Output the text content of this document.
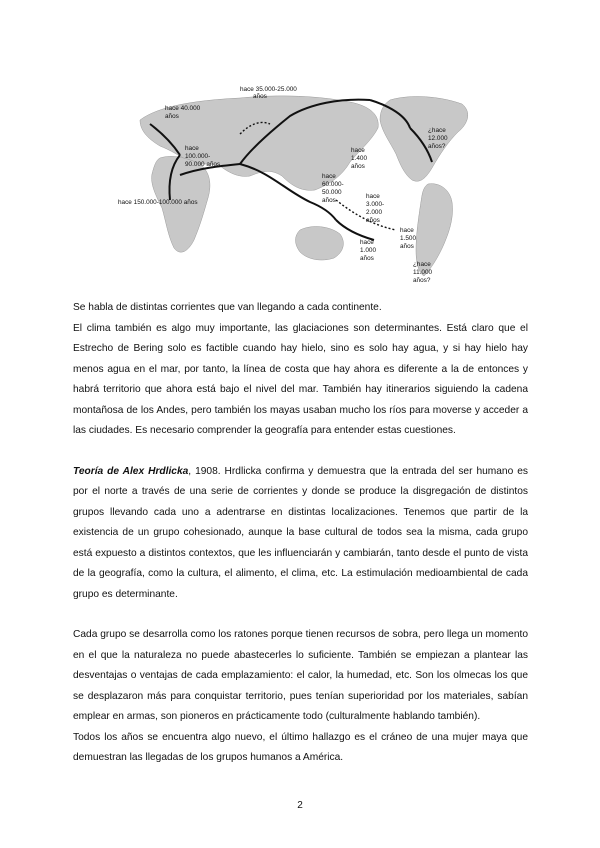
hace 40.000
años
hace 35.000-25.000
años
hace
100.000-
90.000 años
hace 150.000-100.000 años
hace
1.400
años
hace
60.000-
50.000
años
hace
3.000-
2.000
años
¿hace
12.000
años?
hace
1.500
años
hace
1.000
años
¿hace
11.000
años?

Se habla de distintas corrientes que van llegando a cada continente.

El clima también es algo muy importante, las glaciaciones son determinantes. Está claro que el Estrecho de Bering solo es factible cuando hay hielo, sino es solo hay agua, y si hay hielo hay menos agua en el mar, por tanto, la línea de costa que hay ahora es diferente a la de entonces y habrá territorio que ahora está bajo el nivel del mar. También hay itinerarios siguiendo la cadena montañosa de los Andes, pero también los mayas usaban mucho los ríos para moverse y acceder a las ciudades. Es necesario comprender la geografía para entender estas cuestiones.

Teoría de Alex Hrdlicka, 1908. Hrdlicka confirma y demuestra que la entrada del ser humano es por el norte a través de una serie de corrientes y donde se produce la disgregación de distintos grupos llevando cada uno a adentrarse en distintas localizaciones. Tenemos que partir de la existencia de un grupo cohesionado, aunque la base cultural de todos sea la misma, cada grupo está expuesto a distintos contextos, que les influenciarán y cambiarán, tanto desde el punto de vista de la geografía, como la cultura, el alimento, el clima, etc. La estimulación medioambiental de cada grupo es determinante.

Cada grupo se desarrolla como los ratones porque tienen recursos de sobra, pero llega un momento en el que la naturaleza no puede abastecerles lo suficiente. También se empiezan a plantear las desventajas o ventajas de cada emplazamiento: el calor, la humedad, etc. Son los olmecas los que se desplazaron más para conquistar territorio, pues tenían superioridad por los materiales, sabían emplear en armas, son pioneros en prácticamente todo (culturalmente hablando también).

Todos los años se encuentra algo nuevo, el último hallazgo es el cráneo de una mujer maya que demuestran las llegadas de los grupos humanos a América.

2
